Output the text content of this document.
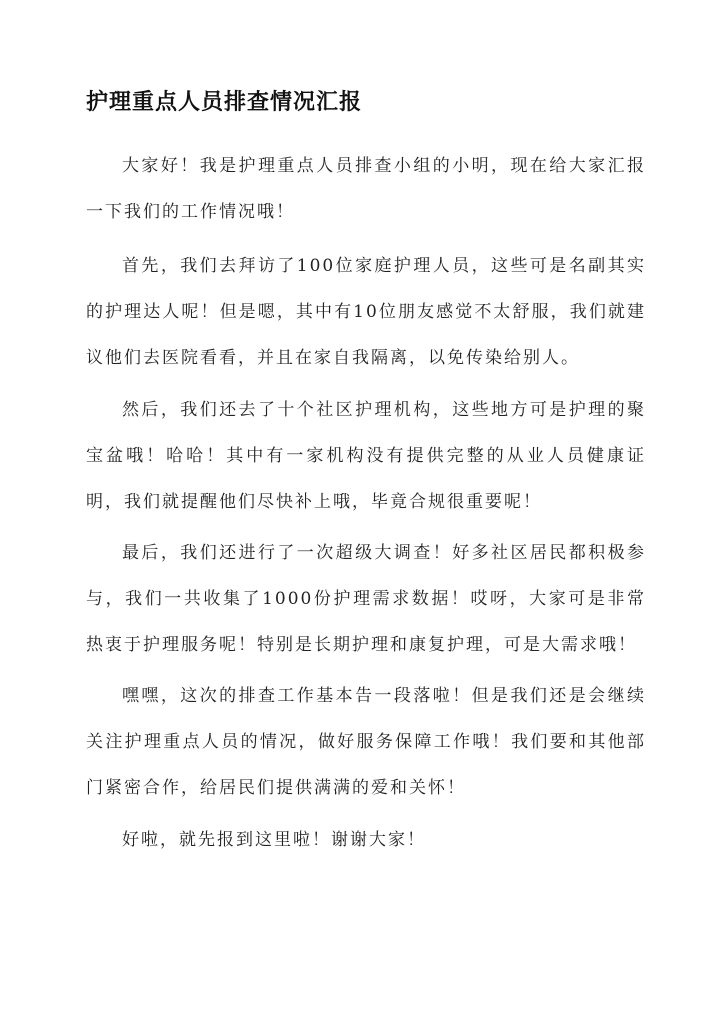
护理重点人员排查情况汇报

大家好！我是护理重点人员排查小组的小明，现在给大家汇报一下我们的工作情况哦！

首先，我们去拜访了100位家庭护理人员，这些可是名副其实的护理达人呢！但是嗯，其中有10位朋友感觉不太舒服，我们就建议他们去医院看看，并且在家自我隔离，以免传染给别人。

然后，我们还去了十个社区护理机构，这些地方可是护理的聚宝盆哦！哈哈！其中有一家机构没有提供完整的从业人员健康证明，我们就提醒他们尽快补上哦，毕竟合规很重要呢！

最后，我们还进行了一次超级大调查！好多社区居民都积极参与，我们一共收集了1000份护理需求数据！哎呀，大家可是非常热衷于护理服务呢！特别是长期护理和康复护理，可是大需求哦！

嘿嘿，这次的排查工作基本告一段落啦！但是我们还是会继续关注护理重点人员的情况，做好服务保障工作哦！我们要和其他部门紧密合作，给居民们提供满满的爱和关怀！

好啦，就先报到这里啦！谢谢大家！
